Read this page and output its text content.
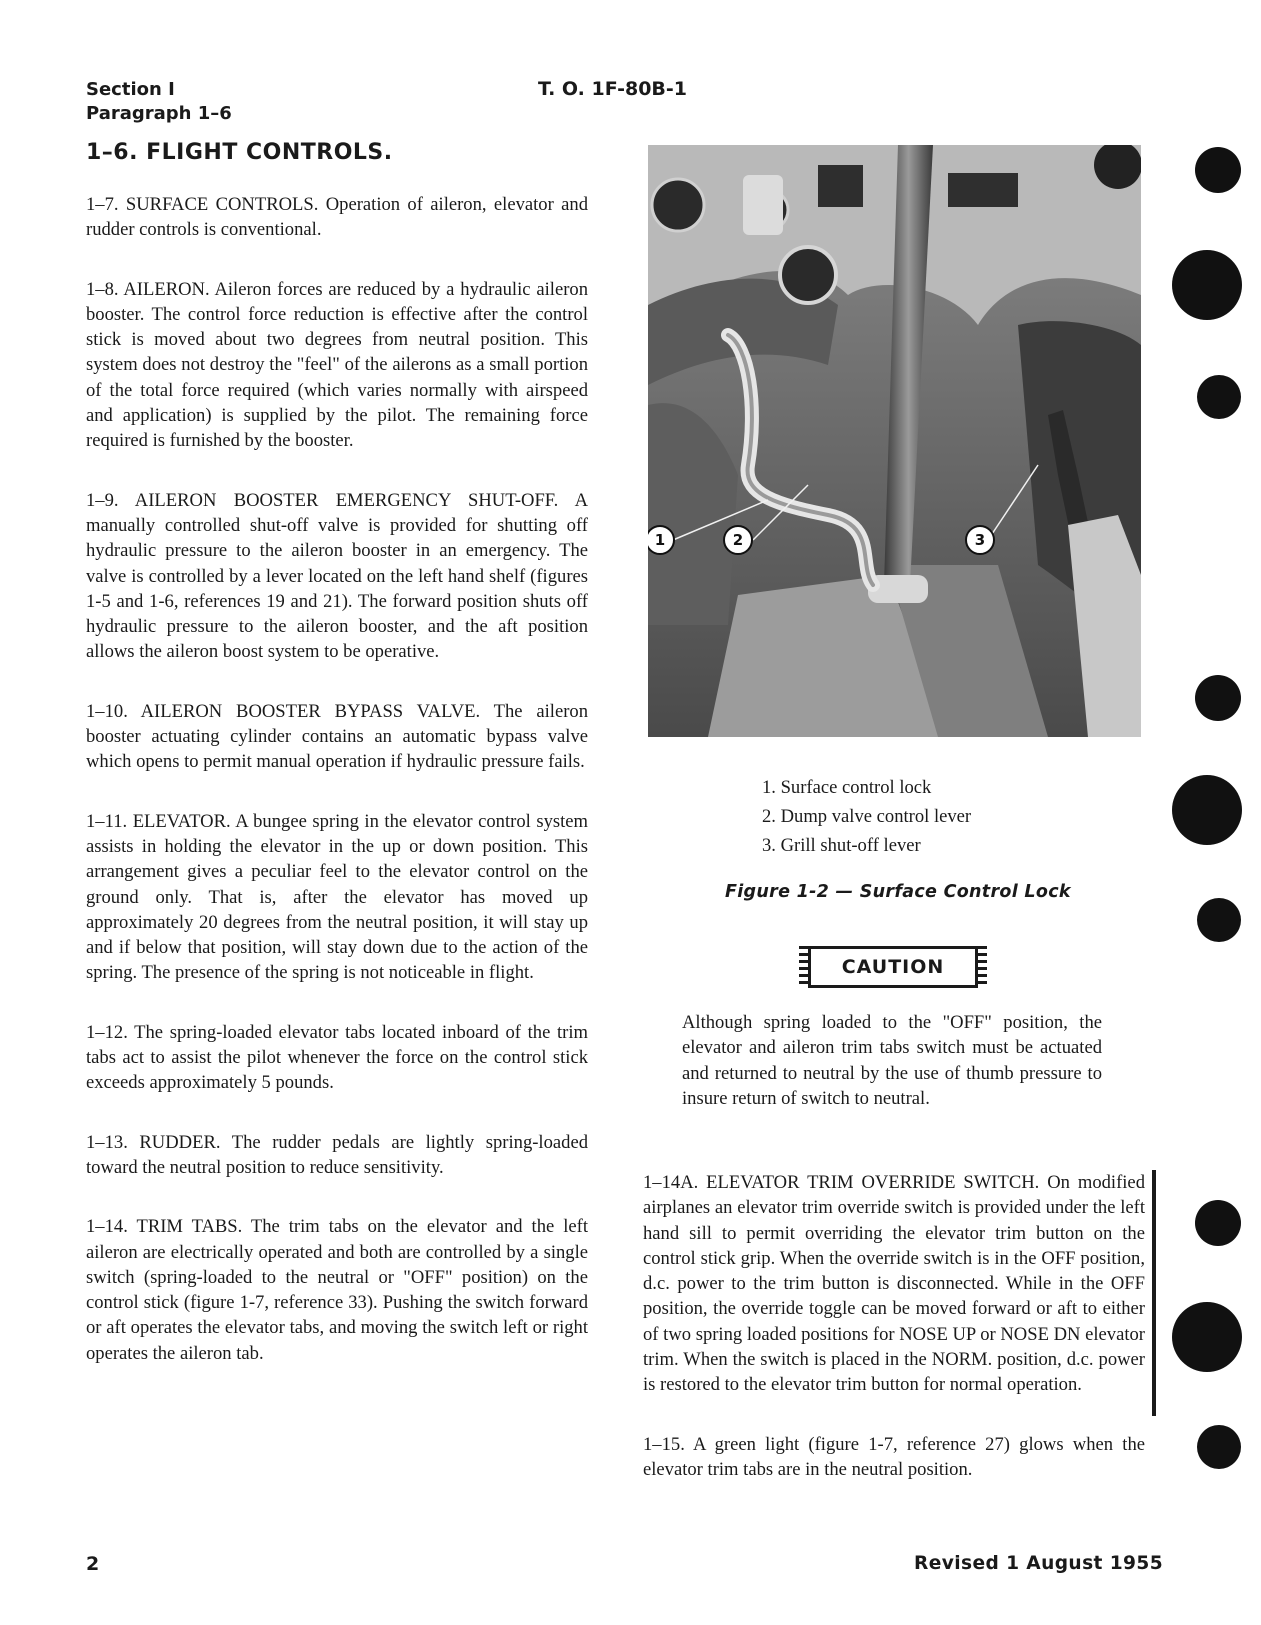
Section I
Paragraph 1–6
T. O. 1F-80B-1
1–6. FLIGHT CONTROLS.

1–7. SURFACE CONTROLS. Operation of aileron, elevator and rudder controls is conventional.

1–8. AILERON. Aileron forces are reduced by a hydraulic aileron booster. The control force reduction is effective after the control stick is moved about two degrees from neutral position. This system does not destroy the "feel" of the ailerons as a small portion of the total force required (which varies normally with airspeed and application) is supplied by the pilot. The remaining force required is furnished by the booster.

1–9. AILERON BOOSTER EMERGENCY SHUT-OFF. A manually controlled shut-off valve is provided for shutting off hydraulic pressure to the aileron booster in an emergency. The valve is controlled by a lever located on the left hand shelf (figures 1-5 and 1-6, references 19 and 21). The forward position shuts off hydraulic pressure to the aileron booster, and the aft position allows the aileron boost system to be operative.

1–10. AILERON BOOSTER BYPASS VALVE. The aileron booster actuating cylinder contains an automatic bypass valve which opens to permit manual operation if hydraulic pressure fails.

1–11. ELEVATOR. A bungee spring in the elevator control system assists in holding the elevator in the up or down position. This arrangement gives a peculiar feel to the elevator control on the ground only. That is, after the elevator has moved up approximately 20 degrees from the neutral position, it will stay up and if below that position, will stay down due to the action of the spring. The presence of the spring is not noticeable in flight.

1–12. The spring-loaded elevator tabs located inboard of the trim tabs act to assist the pilot whenever the force on the control stick exceeds approximately 5 pounds.

1–13. RUDDER. The rudder pedals are lightly spring-loaded toward the neutral position to reduce sensitivity.

1–14. TRIM TABS. The trim tabs on the elevator and the left aileron are electrically operated and both are controlled by a single switch (spring-loaded to the neutral or "OFF" position) on the control stick (figure 1-7, reference 33). Pushing the switch forward or aft operates the elevator tabs, and moving the switch left or right operates the aileron tab.

1	2	3
1. Surface control lock
2. Dump valve control lever
3. Grill shut-off lever
Figure 1-2 — Surface Control Lock
CAUTION
Although spring loaded to the "OFF" position, the elevator and aileron trim tabs switch must be actuated and returned to neutral by the use of thumb pressure to insure return of switch to neutral.

1–14A. ELEVATOR TRIM OVERRIDE SWITCH. On modified airplanes an elevator trim override switch is provided under the left hand sill to permit overriding the elevator trim button on the control stick grip. When the override switch is in the OFF position, d.c. power to the trim button is disconnected. While in the OFF position, the override toggle can be moved forward or aft to either of two spring loaded positions for NOSE UP or NOSE DN elevator trim. When the switch is placed in the NORM. position, d.c. power is restored to the elevator trim button for normal operation.

1–15. A green light (figure 1-7, reference 27) glows when the elevator trim tabs are in the neutral position.

2	Revised 1 August 1955
